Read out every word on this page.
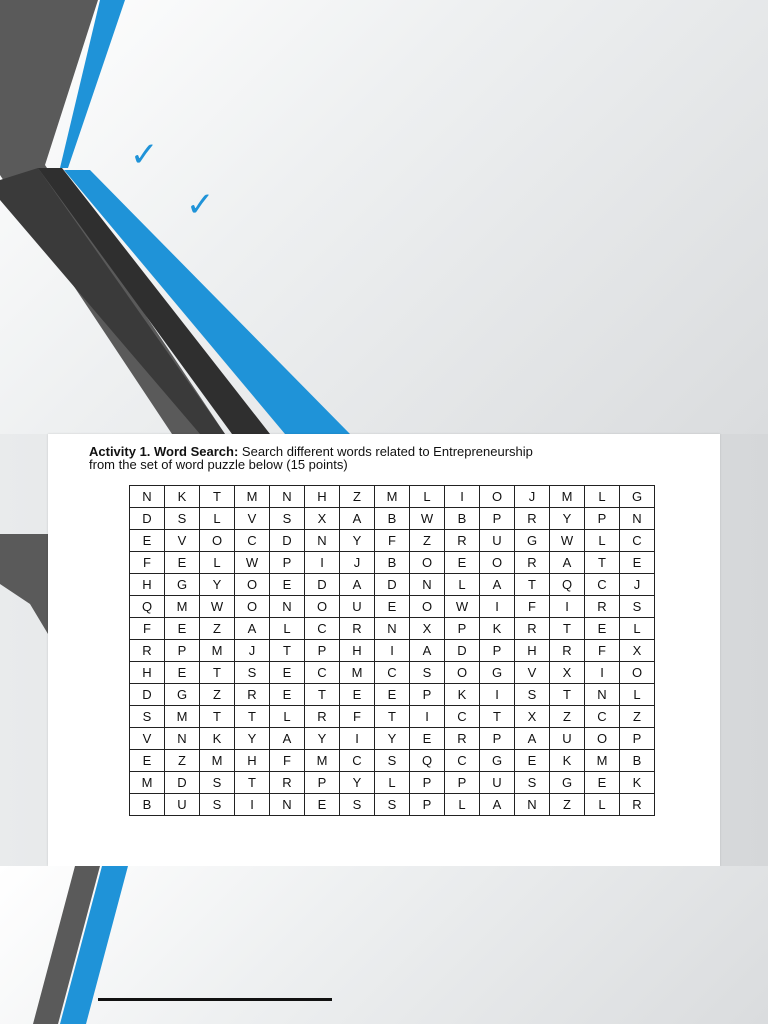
✓
✓
Activity 1. Word Search: Search different words related to Entrepreneurship
from the set of word puzzle below (15 points)
N	K	T	M	N	H	Z	M	L	I	O	J	M	L	G
D	S	L	V	S	X	A	B	W	B	P	R	Y	P	N
E	V	O	C	D	N	Y	F	Z	R	U	G	W	L	C
F	E	L	W	P	I	J	B	O	E	O	R	A	T	E
H	G	Y	O	E	D	A	D	N	L	A	T	Q	C	J
Q	M	W	O	N	O	U	E	O	W	I	F	I	R	S
F	E	Z	A	L	C	R	N	X	P	K	R	T	E	L
R	P	M	J	T	P	H	I	A	D	P	H	R	F	X
H	E	T	S	E	C	M	C	S	O	G	V	X	I	O
D	G	Z	R	E	T	E	E	P	K	I	S	T	N	L
S	M	T	T	L	R	F	T	I	C	T	X	Z	C	Z
V	N	K	Y	A	Y	I	Y	E	R	P	A	U	O	P
E	Z	M	H	F	M	C	S	Q	C	G	E	K	M	B
M	D	S	T	R	P	Y	L	P	P	U	S	G	E	K
B	U	S	I	N	E	S	S	P	L	A	N	Z	L	R
